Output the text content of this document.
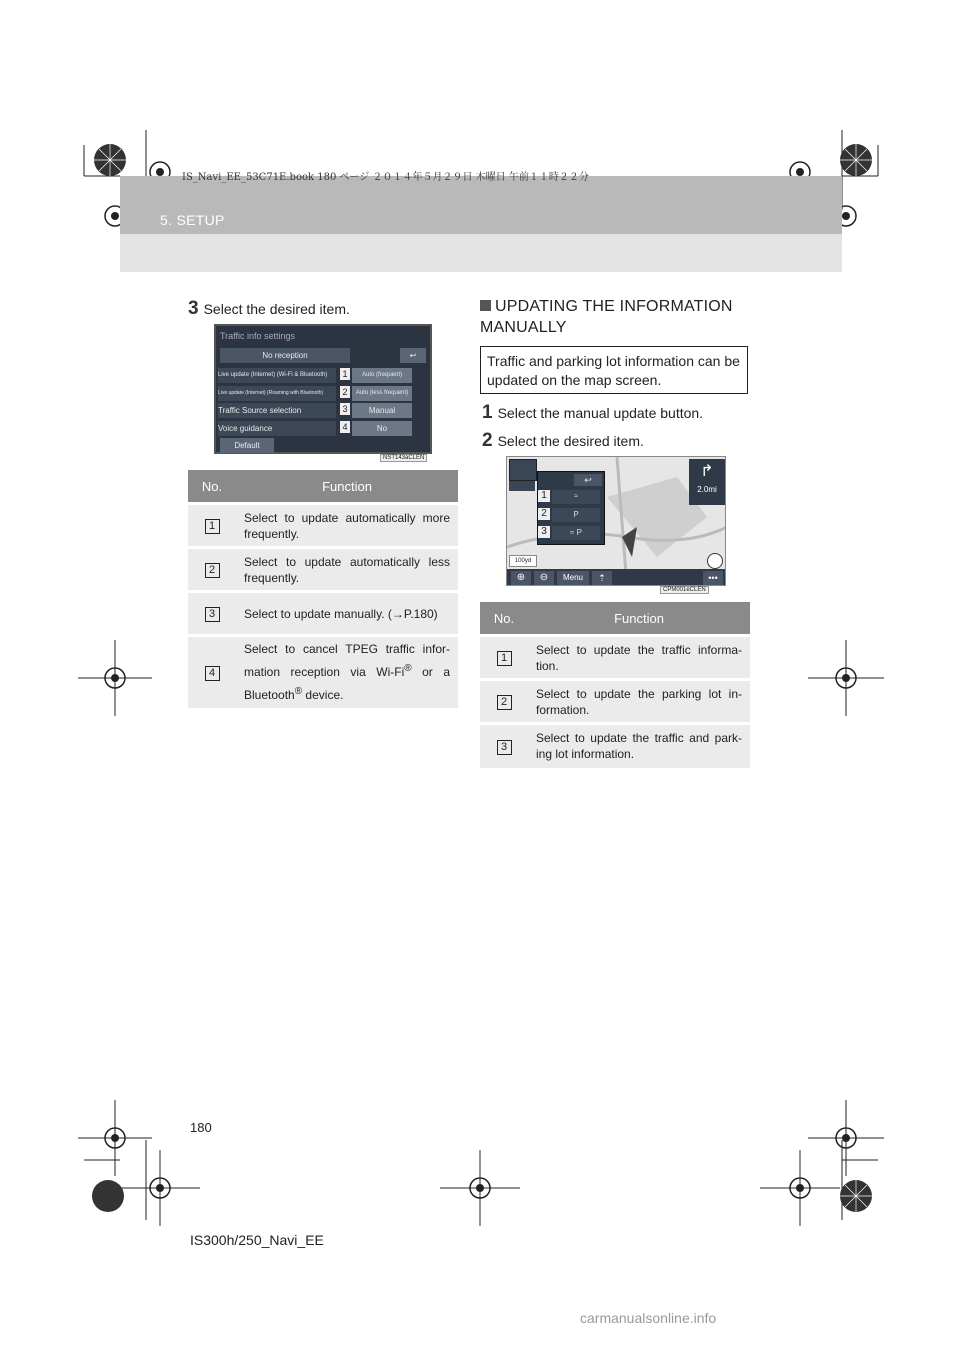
IS_Navi_EE_53C71E.book 180 ページ ２０１４年５月２９日 木曜日 午前１１時２２分
5. SETUP
3 Select the desired item.
Traffic info settings
No reception	↩
Live update (Internet) (Wi-Fi & Bluetooth)	Auto (frequent)
Live update (Internet) (Roaming with Bluetooth)	Auto (less frequent)
Traffic Source selection	Manual
Voice guidance	No
Default
1
2
3
4
NST143aCLEN
No.	Function
1	Select to update automatically more frequently.
2	Select to update automatically less frequently.
3	Select to update manually. (→P.180)
4	Select to cancel TPEG traffic infor-mation reception via Wi-Fi® or a Bluetooth® device.
UPDATING THE INFORMATION MANUALLY
Traffic and parking lot information can be updated on the map screen.
1 Select the manual update button.
2 Select the desired item.
↩
1	≈
2	P
3	≈ P
↱
2.0mi
100yd
⊕	⊖	Menu	⇡	•••
CPM001eCLEN
No.	Function
1	Select to update the traffic informa-tion.
2	Select to update the parking lot in-formation.
3	Select to update the traffic and park-ing lot information.
180
IS300h/250_Navi_EE
carmanualsonline.info
